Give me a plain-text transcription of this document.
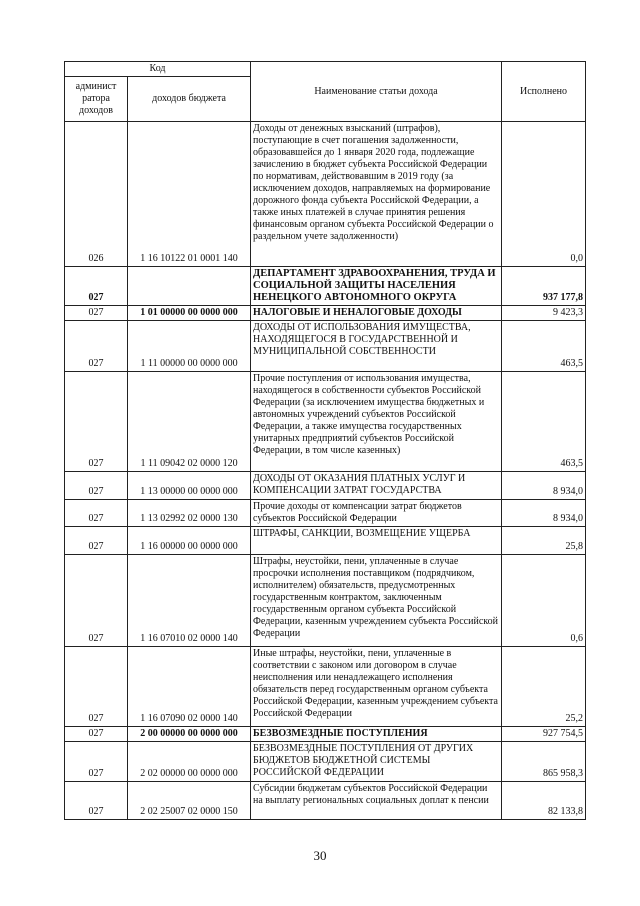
Код		Наименование статьи дохода	Исполнено
админист ратора доходов	доходов бюджета		
026	1 16 10122 01 0001 140	Доходы от денежных взысканий (штрафов), поступающие в счет погашения задолженности, образовавшейся до 1 января 2020 года, подлежащие зачислению в бюджет субъекта Российской Федерации по нормативам, действовавшим в 2019 году (за исключением доходов, направляемых на формирование дорожного фонда субъекта Российской Федерации, а также иных платежей в случае принятия решения финансовым органом субъекта Российской Федерации о раздельном учете задолженности)	0,0
027		ДЕПАРТАМЕНТ ЗДРАВООХРАНЕНИЯ, ТРУДА И СОЦИАЛЬНОЙ ЗАЩИТЫ НАСЕЛЕНИЯ НЕНЕЦКОГО АВТОНОМНОГО ОКРУГА	937 177,8
027	1 01 00000 00 0000 000	НАЛОГОВЫЕ И НЕНАЛОГОВЫЕ ДОХОДЫ	9 423,3
027	1 11 00000 00 0000 000	ДОХОДЫ ОТ ИСПОЛЬЗОВАНИЯ ИМУЩЕСТВА, НАХОДЯЩЕГОСЯ В ГОСУДАРСТВЕННОЙ И МУНИЦИПАЛЬНОЙ СОБСТВЕННОСТИ	463,5
027	1 11 09042 02 0000 120	Прочие поступления от использования имущества, находящегося в собственности субъектов Российской Федерации (за исключением имущества бюджетных и автономных учреждений субъектов Российской Федерации, а также имущества государственных унитарных предприятий субъектов Российской Федерации, в том числе казенных)	463,5
027	1 13 00000 00 0000 000	ДОХОДЫ ОТ ОКАЗАНИЯ ПЛАТНЫХ УСЛУГ И КОМПЕНСАЦИИ ЗАТРАТ ГОСУДАРСТВА	8 934,0
027	1 13 02992 02 0000 130	Прочие доходы от компенсации затрат бюджетов субъектов Российской Федерации	8 934,0
027	1 16 00000 00 0000 000	ШТРАФЫ, САНКЦИИ, ВОЗМЕЩЕНИЕ УЩЕРБА	25,8
027	1 16 07010 02 0000 140	Штрафы, неустойки, пени, уплаченные в случае просрочки исполнения поставщиком (подрядчиком, исполнителем) обязательств, предусмотренных государственным контрактом, заключенным государственным органом субъекта Российской Федерации, казенным учреждением субъекта Российской Федерации	0,6
027	1 16 07090 02 0000 140	Иные штрафы, неустойки, пени, уплаченные в соответствии с законом или договором в случае неисполнения или ненадлежащего исполнения обязательств перед государственным органом субъекта Российской Федерации, казенным учреждением субъекта Российской Федерации	25,2
027	2 00 00000 00 0000 000	БЕЗВОЗМЕЗДНЫЕ ПОСТУПЛЕНИЯ	927 754,5
027	2 02 00000 00 0000 000	БЕЗВОЗМЕЗДНЫЕ ПОСТУПЛЕНИЯ ОТ ДРУГИХ БЮДЖЕТОВ БЮДЖЕТНОЙ СИСТЕМЫ РОССИЙСКОЙ ФЕДЕРАЦИИ	865 958,3
027	2 02 25007 02 0000 150	Субсидии бюджетам субъектов Российской Федерации на выплату региональных социальных доплат к пенсии	82 133,8
30
